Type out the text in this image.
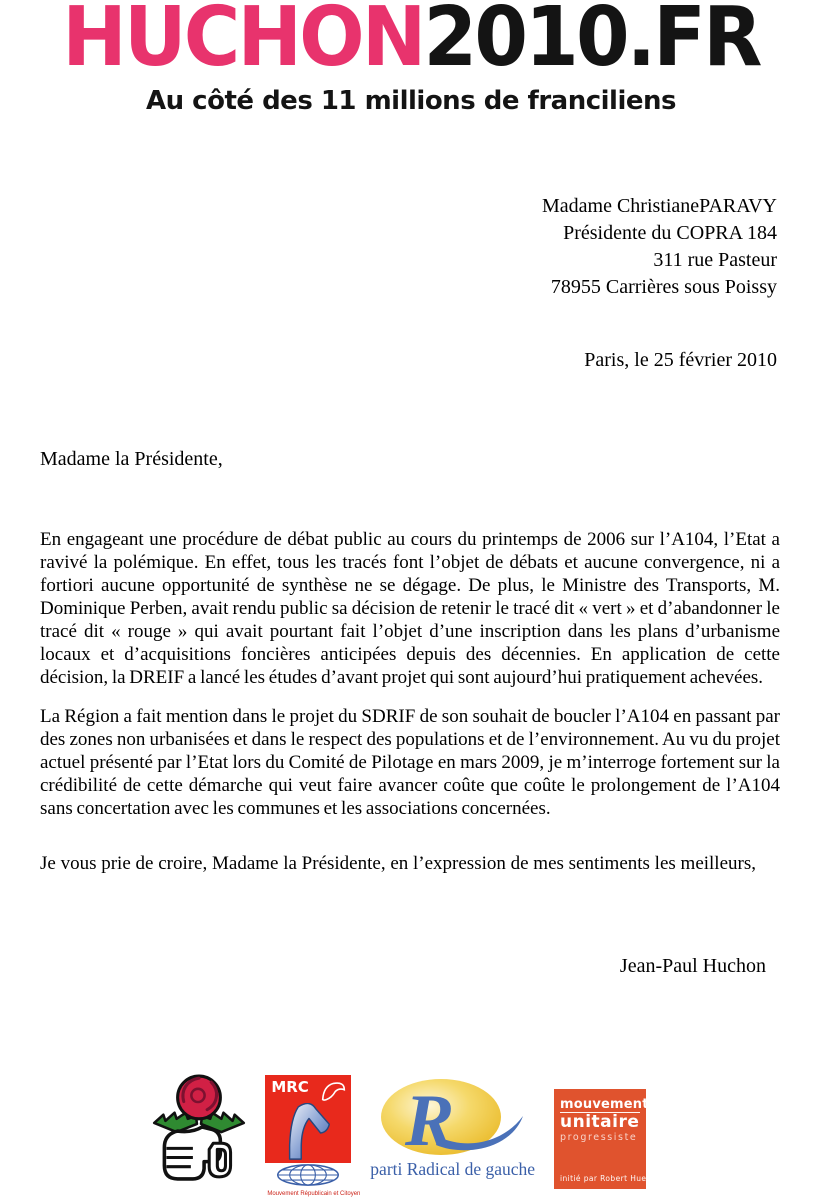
HUCHON2010.FR
Au côté des 11 millions de franciliens
Madame ChristianePARAVY
Présidente du COPRA 184
311 rue Pasteur
78955 Carrières sous Poissy
Paris, le 25 février 2010
Madame la Présidente,

En engageant une procédure de débat public au cours du printemps de 2006 sur l’A104, l’Etat a ravivé la polémique. En effet, tous les tracés font l’objet de débats et aucune convergence, ni a fortiori aucune opportunité de synthèse ne se dégage. De plus, le Ministre des Transports, M. Dominique Perben, avait rendu public sa décision de retenir le tracé dit « vert » et d’abandonner le tracé dit « rouge » qui avait pourtant fait l’objet d’une inscription dans les plans d’urbanisme locaux et d’acquisitions foncières anticipées depuis des décennies. En application de cette décision, la DREIF a lancé les études d’avant projet qui sont aujourd’hui pratiquement achevées.

La Région a fait mention dans le projet du SDRIF de son souhait de boucler l’A104 en passant par des zones non urbanisées et dans le respect des populations et de l’environnement. Au vu du projet actuel présenté par l’Etat lors du Comité de Pilotage en mars 2009, je m’interroge fortement sur la crédibilité de cette démarche qui veut faire avancer coûte que coûte le prolongement de l’A104 sans concertation avec les communes et les associations concernées.

Je vous prie de croire, Madame la Présidente, en l’expression de mes sentiments les meilleurs,
Jean-Paul Huchon
MRC
Mouvement Républicain et Citoyen
R
parti Radical de gauche
mouvement
unitaire
progressiste
initié par Robert Hue
